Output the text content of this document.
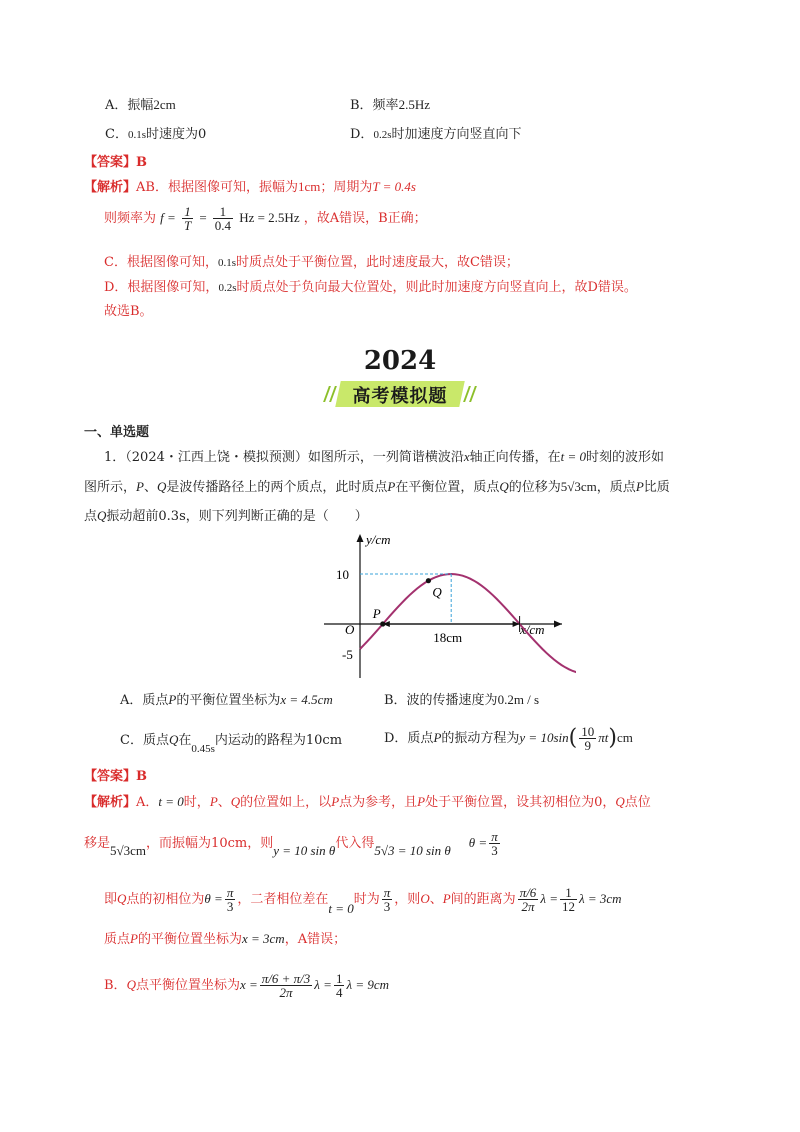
A．振幅2cm	B．频率2.5Hz
C．0.1s时速度为0	D．0.2s时加速度方向竖直向下
【答案】B
【解析】AB．根据图像可知，振幅为1cm；周期为T = 0.4s
则频率为 $f = \frac{1}{T} = \frac{1}{0.4}$ Hz = 2.5Hz ，故A错误，B正确；
C．根据图像可知，0.1s时质点处于平衡位置，此时速度最大，故C错误；
D．根据图像可知，0.2s时质点处于负向最大位置处，则此时加速度方向竖直向上，故D错误。
故选B。
2024
高考模拟题
一、单选题
1．（2024・江西上饶・模拟预测）如图所示，一列简谐横波沿x轴正向传播，在t = 0时刻的波形如
图所示，P、Q是波传播路径上的两个质点，此时质点P在平衡位置，质点Q的位移为5√3cm，质点P比质
点Q振动超前0.3s，则下列判断正确的是（　　）
y/cm
x/cm
10
-5
O
P
Q
18cm
A．质点P的平衡位置坐标为x = 4.5cm	B．波的传播速度为0.2m / s
C．质点Q在$_{0.45s}$内运动的路程为10cm	D．质点P的振动方程为$y = 10\sin( \frac{10}{9} \pi t)cm$
【答案】B
【解析】A．t = 0时，P、Q的位置如上，以P点为参考，且P处于平衡位置，设其初相位为0，Q点位
移是5√3cm，而振幅为10cm，则y = 10 sin θ代入得5√3 = 10 $\sin \theta\theta = \frac{\pi}{3}$
即Q点的初相位为$\theta = \frac{\pi}{3}$ ，二者相位差在t = 0时为 $\frac{\pi}{3}$ ，则O、P间的距离为 $\frac{\pi/6}{2\pi}$ $\lambda = \frac{1}{12}$ λ = 3cm
质点P的平衡位置坐标为x = 3cm，A错误；
B．Q点平衡位置坐标为$x = \frac{\pi/6 + \pi/3}{2\pi}$ $\lambda = \frac{1}{4}$ λ = 9cm
